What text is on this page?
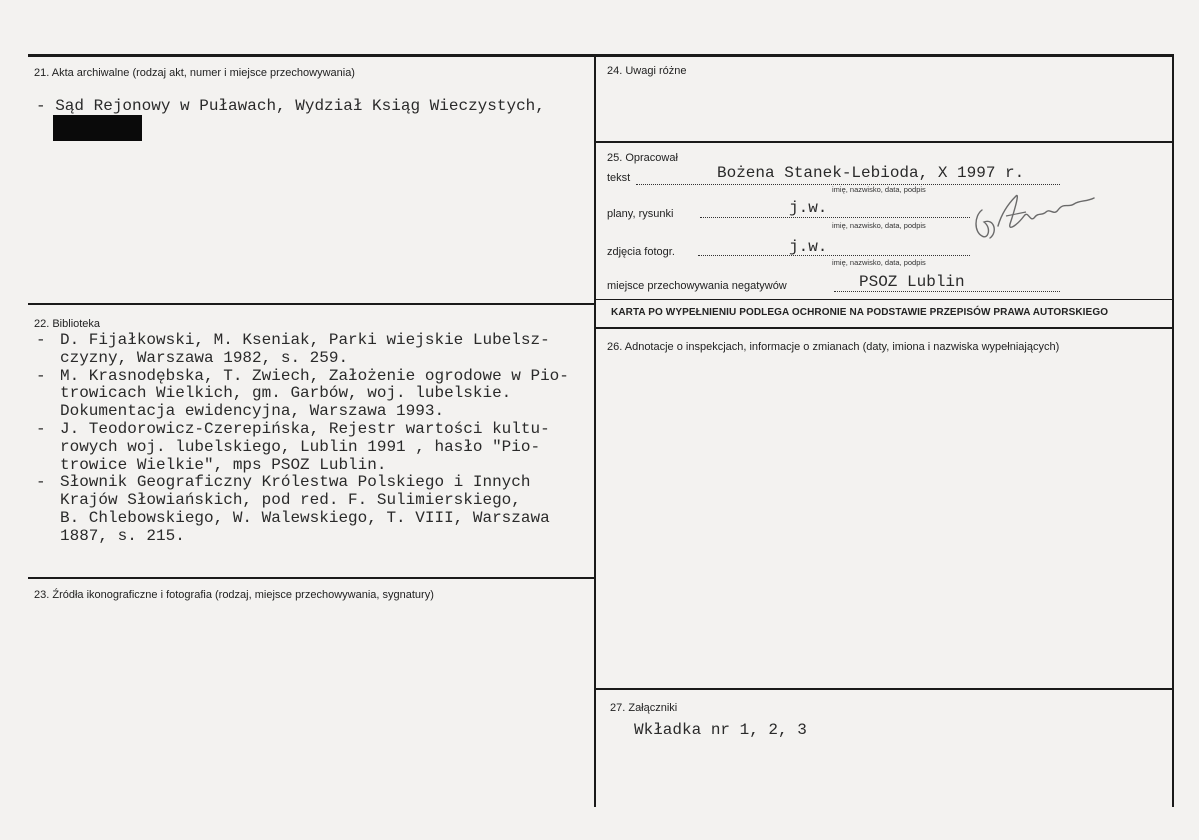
21. Akta archiwalne (rodzaj akt, numer i miejsce przechowywania)
- Sąd Rejonowy w Puławach, Wydział Ksiąg Wieczystych,
22. Biblioteka
- D. Fijałkowski, M. Kseniak, Parki wiejskie Lubelsz-
czyzny, Warszawa 1982, s. 259.
- M. Krasnodębska, T. Zwiech, Założenie ogrodowe w Pio-
trowicach Wielkich, gm. Garbów, woj. lubelskie.
Dokumentacja ewidencyjna, Warszawa 1993.
- J. Teodorowicz-Czerepińska, Rejestr wartości kultu-
rowych woj. lubelskiego, Lublin 1991 , hasło "Pio-
trowice Wielkie", mps PSOZ Lublin.
- Słownik Geograficzny Królestwa Polskiego i Innych
Krajów Słowiańskich, pod red. F. Sulimierskiego,
B. Chlebowskiego, W. Walewskiego, T. VIII, Warszawa
1887, s. 215.
23. Źródła ikonograficzne i fotografia (rodzaj, miejsce przechowywania, sygnatury)
24. Uwagi różne
25. Opracował
tekst	Bożena Stanek-Lebioda, X 1997 r.
imię, nazwisko, data, podpis
plany, rysunki	j.w.
imię, nazwisko, data, podpis
zdjęcia fotogr.	j.w.
imię, nazwisko, data, podpis
miejsce przechowywania negatywów	PSOZ Lublin
KARTA PO WYPEŁNIENIU PODLEGA OCHRONIE NA PODSTAWIE PRZEPISÓW PRAWA AUTORSKIEGO
26. Adnotacje o inspekcjach, informacje o zmianach (daty, imiona i nazwiska wypełniających)
27. Załączniki
Wkładka nr 1, 2, 3
